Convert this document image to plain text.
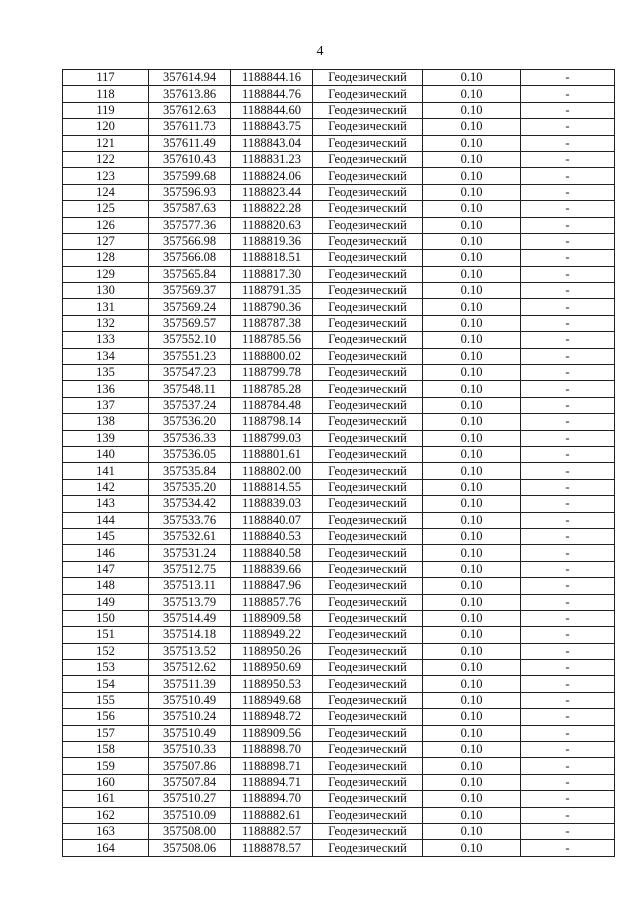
4
117	357614.94	1188844.16	Геодезический	0.10	-
118	357613.86	1188844.76	Геодезический	0.10	-
119	357612.63	1188844.60	Геодезический	0.10	-
120	357611.73	1188843.75	Геодезический	0.10	-
121	357611.49	1188843.04	Геодезический	0.10	-
122	357610.43	1188831.23	Геодезический	0.10	-
123	357599.68	1188824.06	Геодезический	0.10	-
124	357596.93	1188823.44	Геодезический	0.10	-
125	357587.63	1188822.28	Геодезический	0.10	-
126	357577.36	1188820.63	Геодезический	0.10	-
127	357566.98	1188819.36	Геодезический	0.10	-
128	357566.08	1188818.51	Геодезический	0.10	-
129	357565.84	1188817.30	Геодезический	0.10	-
130	357569.37	1188791.35	Геодезический	0.10	-
131	357569.24	1188790.36	Геодезический	0.10	-
132	357569.57	1188787.38	Геодезический	0.10	-
133	357552.10	1188785.56	Геодезический	0.10	-
134	357551.23	1188800.02	Геодезический	0.10	-
135	357547.23	1188799.78	Геодезический	0.10	-
136	357548.11	1188785.28	Геодезический	0.10	-
137	357537.24	1188784.48	Геодезический	0.10	-
138	357536.20	1188798.14	Геодезический	0.10	-
139	357536.33	1188799.03	Геодезический	0.10	-
140	357536.05	1188801.61	Геодезический	0.10	-
141	357535.84	1188802.00	Геодезический	0.10	-
142	357535.20	1188814.55	Геодезический	0.10	-
143	357534.42	1188839.03	Геодезический	0.10	-
144	357533.76	1188840.07	Геодезический	0.10	-
145	357532.61	1188840.53	Геодезический	0.10	-
146	357531.24	1188840.58	Геодезический	0.10	-
147	357512.75	1188839.66	Геодезический	0.10	-
148	357513.11	1188847.96	Геодезический	0.10	-
149	357513.79	1188857.76	Геодезический	0.10	-
150	357514.49	1188909.58	Геодезический	0.10	-
151	357514.18	1188949.22	Геодезический	0.10	-
152	357513.52	1188950.26	Геодезический	0.10	-
153	357512.62	1188950.69	Геодезический	0.10	-
154	357511.39	1188950.53	Геодезический	0.10	-
155	357510.49	1188949.68	Геодезический	0.10	-
156	357510.24	1188948.72	Геодезический	0.10	-
157	357510.49	1188909.56	Геодезический	0.10	-
158	357510.33	1188898.70	Геодезический	0.10	-
159	357507.86	1188898.71	Геодезический	0.10	-
160	357507.84	1188894.71	Геодезический	0.10	-
161	357510.27	1188894.70	Геодезический	0.10	-
162	357510.09	1188882.61	Геодезический	0.10	-
163	357508.00	1188882.57	Геодезический	0.10	-
164	357508.06	1188878.57	Геодезический	0.10	-
